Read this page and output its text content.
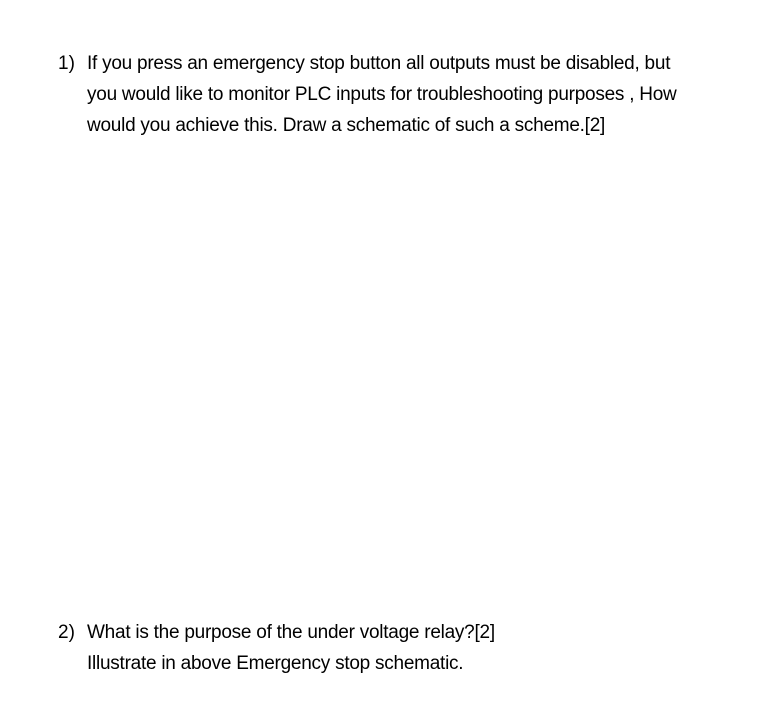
1) If you press an emergency stop button all outputs must be disabled, but
you would like to monitor PLC inputs for troubleshooting purposes , How
would you achieve this. Draw a schematic of such a scheme.[2]
2) What is the purpose of the under voltage relay?[2]
Illustrate in above Emergency stop schematic.
